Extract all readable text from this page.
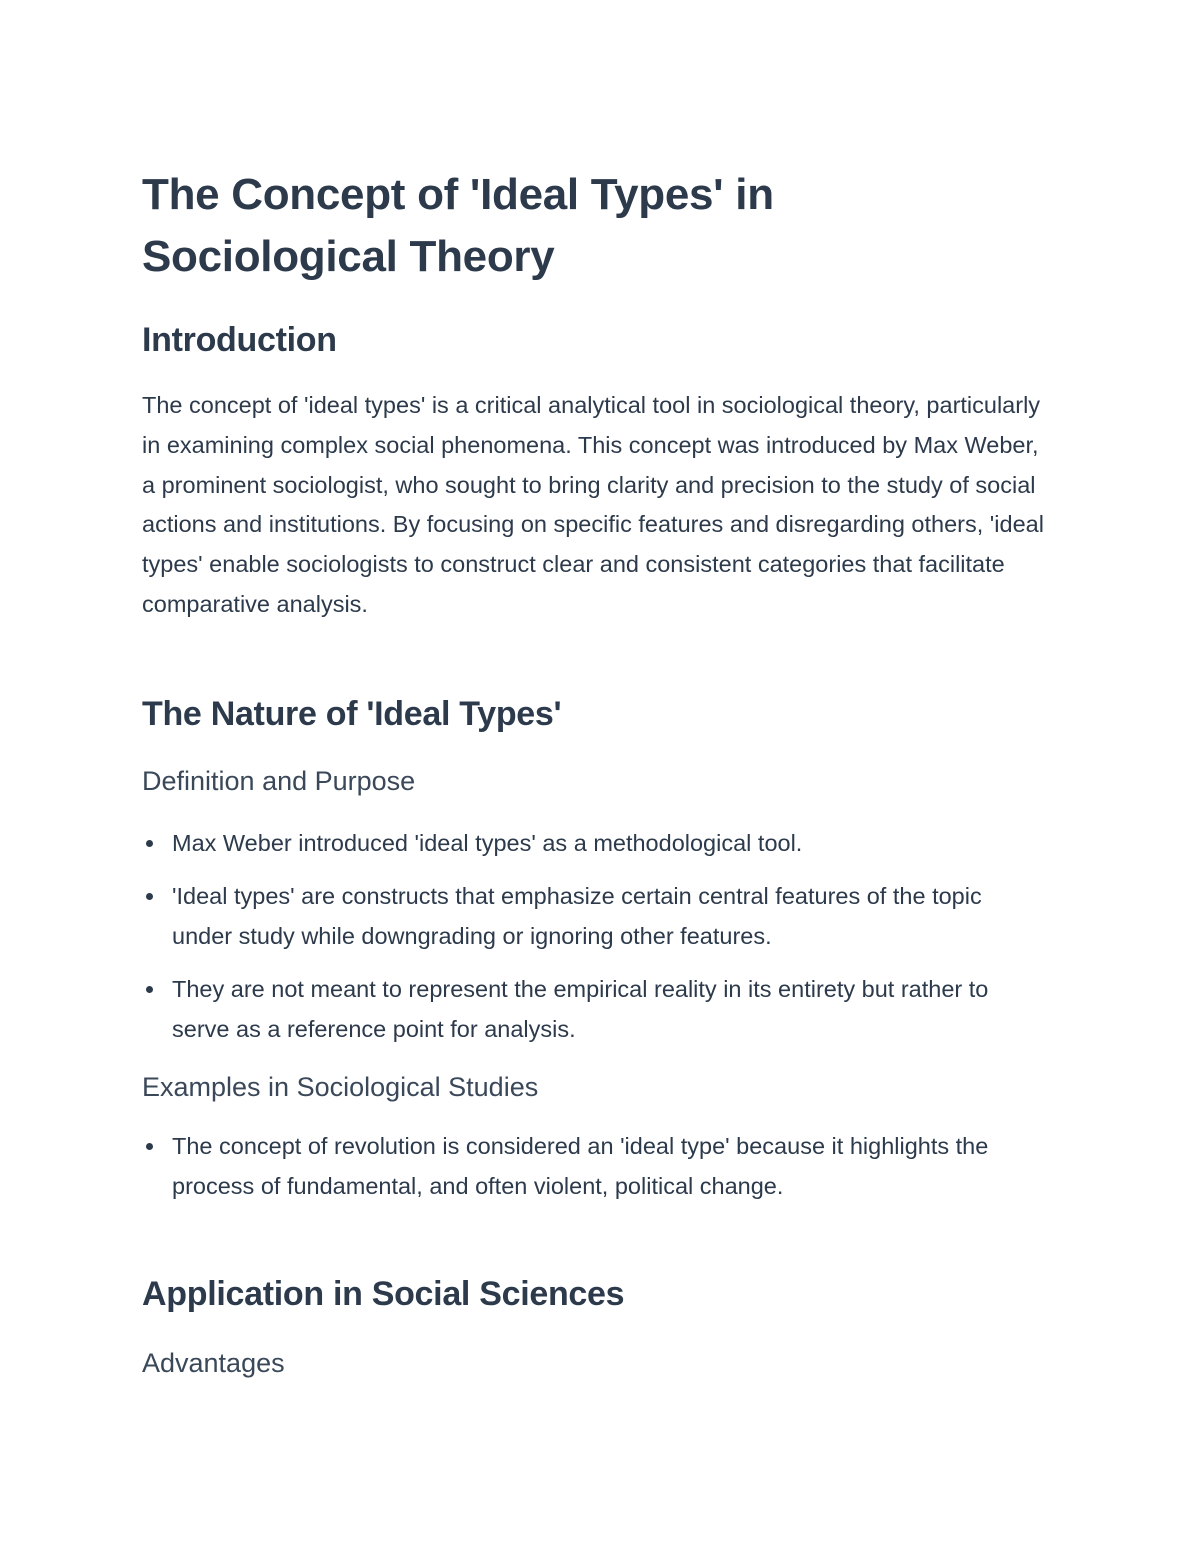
The Concept of 'Ideal Types' in Sociological Theory
Introduction

The concept of 'ideal types' is a critical analytical tool in sociological theory, particularly in examining complex social phenomena. This concept was introduced by Max Weber, a prominent sociologist, who sought to bring clarity and precision to the study of social actions and institutions. By focusing on specific features and disregarding others, 'ideal types' enable sociologists to construct clear and consistent categories that facilitate comparative analysis.

The Nature of 'Ideal Types'
Definition and Purpose
Max Weber introduced 'ideal types' as a methodological tool.
'Ideal types' are constructs that emphasize certain central features of the topic under study while downgrading or ignoring other features.
They are not meant to represent the empirical reality in its entirety but rather to serve as a reference point for analysis.
Examples in Sociological Studies
The concept of revolution is considered an 'ideal type' because it highlights the process of fundamental, and often violent, political change.
Application in Social Sciences
Advantages
